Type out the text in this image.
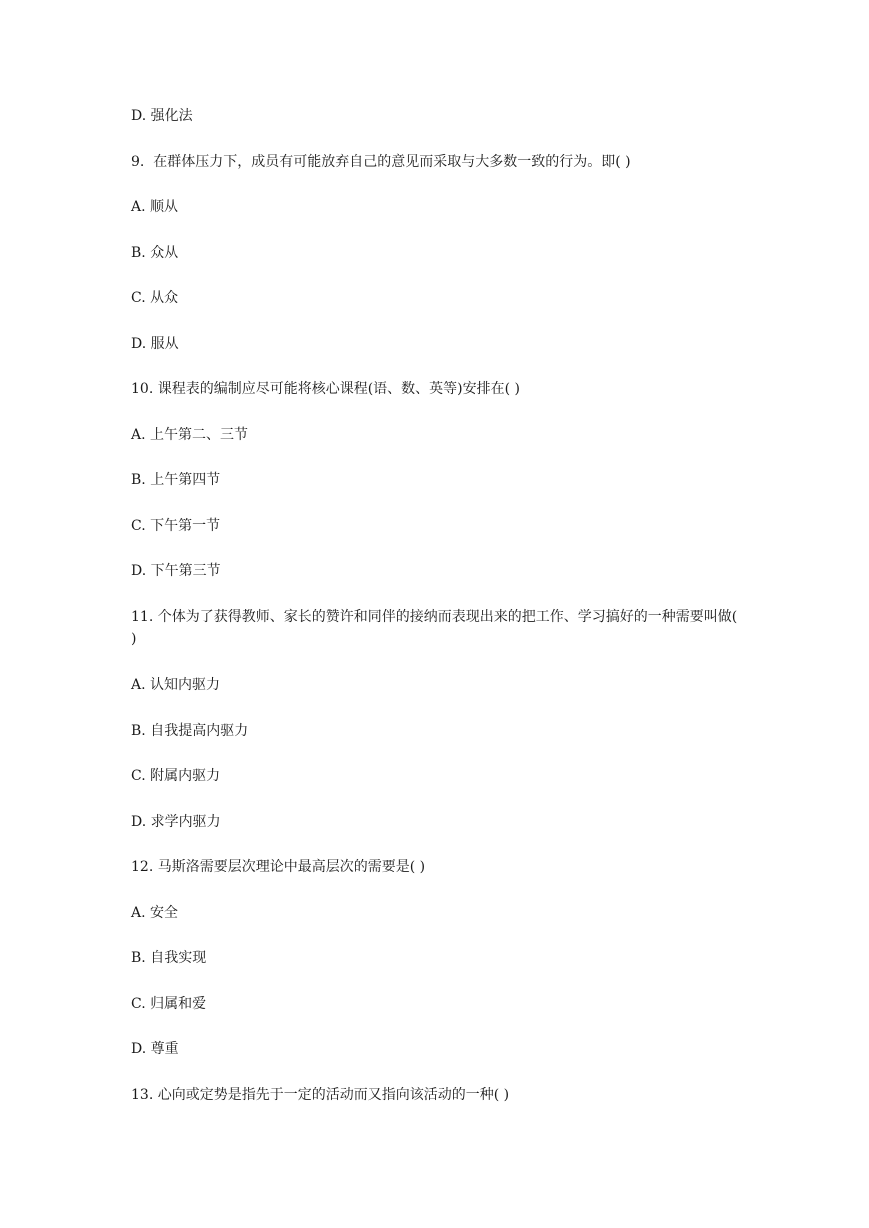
D. 强化法

9.  在群体压力下，成员有可能放弃自己的意见而采取与大多数一致的行为。即( )

A. 顺从

B. 众从

C. 从众

D. 服从

10. 课程表的编制应尽可能将核心课程(语、数、英等)安排在( )

A. 上午第二、三节

B. 上午第四节

C. 下午第一节

D. 下午第三节

11. 个体为了获得教师、家长的赞许和同伴的接纳而表现出来的把工作、学习搞好的一种需要叫做( )

A. 认知内驱力

B. 自我提高内驱力

C. 附属内驱力

D. 求学内驱力

12. 马斯洛需要层次理论中最高层次的需要是( )

A. 安全

B. 自我实现

C. 归属和爱

D. 尊重

13. 心向或定势是指先于一定的活动而又指向该活动的一种( )
